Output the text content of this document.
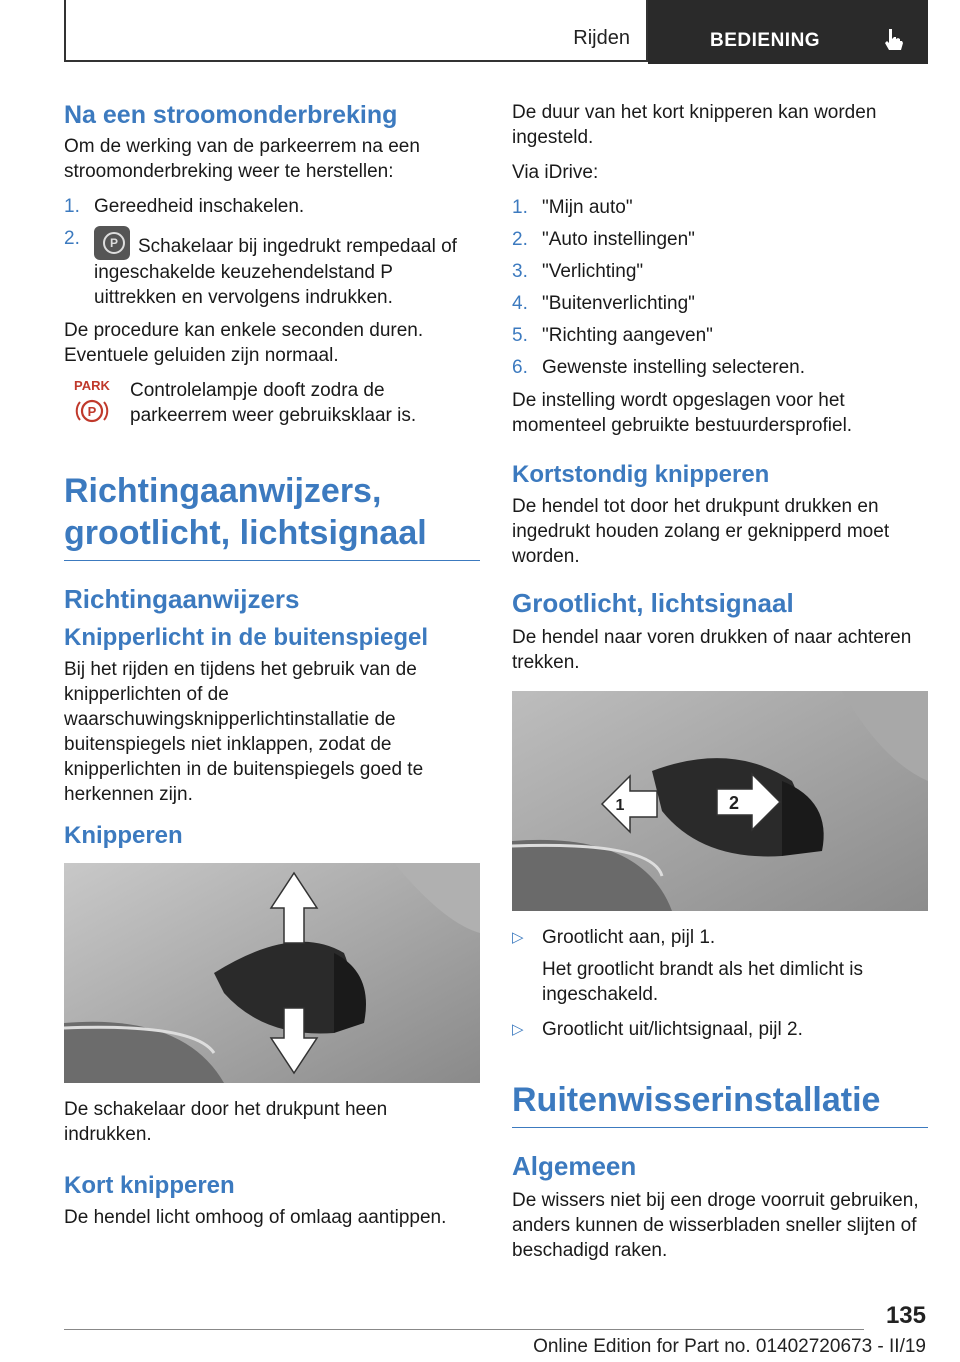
Rijden	BEDIENING
Na een stroomonderbreking

Om de werking van de parkeerrem na een stroomonderbreking weer te herstellen:

1. Gereedheid inschakelen.
2.	P	Schakelaar bij ingedrukt rempedaal of ingeschakelde keuzehendelstand P uittrekken en vervolgens indrukken.

De procedure kan enkele seconden duren. Eventuele geluiden zijn normaal.

PARK
P

Controlelampje dooft zodra de parkeerrem weer gebruiksklaar is.

Richtingaanwijzers, grootlicht, lichtsignaal
Richtingaanwijzers
Knipperlicht in de buitenspiegel

Bij het rijden en tijdens het gebruik van de knipperlichten of de waarschuwingsknipperlichtinstallatie de buitenspiegels niet inklappen, zodat de knipperlichten in de buitenspiegels goed te herkennen zijn.

Knipperen

De schakelaar door het drukpunt heen indrukken.

Kort knipperen

De hendel licht omhoog of omlaag aantippen.

De duur van het kort knipperen kan worden ingesteld.

Via iDrive:

1. "Mijn auto"
2. "Auto instellingen"
3. "Verlichting"
4. "Buitenverlichting"
5. "Richting aangeven"
6. Gewenste instelling selecteren.

De instelling wordt opgeslagen voor het momenteel gebruikte bestuurdersprofiel.

Kortstondig knipperen

De hendel tot door het drukpunt drukken en ingedrukt houden zolang er geknipperd moet worden.

Grootlicht, lichtsignaal

De hendel naar voren drukken of naar achteren trekken.

1	2
▷ Grootlicht aan, pijl 1.

Het grootlicht brandt als het dimlicht is ingeschakeld.

▷ Grootlicht uit/lichtsignaal, pijl 2.
Ruitenwisserinstallatie
Algemeen

De wissers niet bij een droge voorruit gebruiken, anders kunnen de wisserbladen sneller slijten of beschadigd raken.

135
Online Edition for Part no. 01402720673 - II/19
